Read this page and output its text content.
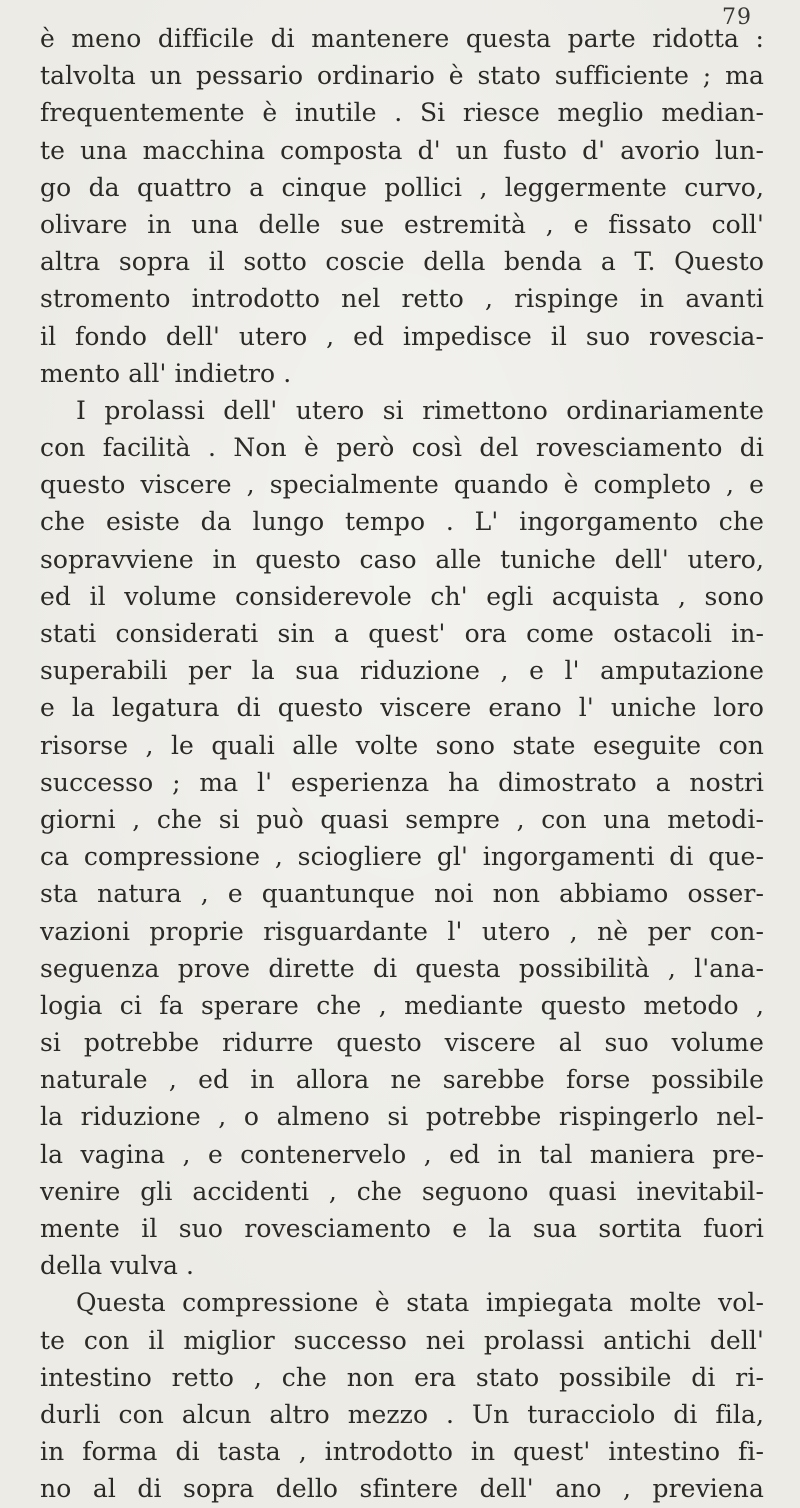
79
è meno difficile di mantenere questa parte ridotta :
talvolta un pessario ordinario è stato sufficiente ; ma
frequentemente è inutile . Si riesce meglio median-
te una macchina composta d' un fusto d' avorio lun-
go da quattro a cinque pollici , leggermente curvo,
olivare in una delle sue estremità , e fissato coll'
altra sopra il sotto coscie della benda a T. Questo
stromento introdotto nel retto , rispinge in avanti
il fondo dell' utero , ed impedisce il suo rovescia-
mento all' indietro .
I prolassi dell' utero si rimettono ordinariamente
con facilità . Non è però così del rovesciamento di
questo viscere , specialmente quando è completo , e
che esiste da lungo tempo . L' ingorgamento che
sopravviene in questo caso alle tuniche dell' utero,
ed il volume considerevole ch' egli acquista , sono
stati considerati sin a quest' ora come ostacoli in-
superabili per la sua riduzione , e l' amputazione
e la legatura di questo viscere erano l' uniche loro
risorse , le quali alle volte sono state eseguite con
successo ; ma l' esperienza ha dimostrato a nostri
giorni , che si può quasi sempre , con una metodi-
ca compressione , sciogliere gl' ingorgamenti di que-
sta natura , e quantunque noi non abbiamo osser-
vazioni proprie risguardante l' utero , nè per con-
seguenza prove dirette di questa possibilità , l'ana-
logia ci fa sperare che , mediante questo metodo ,
si potrebbe ridurre questo viscere al suo volume
naturale , ed in allora ne sarebbe forse possibile
la riduzione , o almeno si potrebbe rispingerlo nel-
la vagina , e contenervelo , ed in tal maniera pre-
venire gli accidenti , che seguono quasi inevitabil-
mente il suo rovesciamento e la sua sortita fuori
della vulva .
Questa compressione è stata impiegata molte vol-
te con il miglior successo nei prolassi antichi dell'
intestino retto , che non era stato possibile di ri-
durli con alcun altro mezzo . Un turacciolo di fila,
in forma di tasta , introdotto in quest' intestino fi-
no al di sopra dello sfintere dell' ano , previena
